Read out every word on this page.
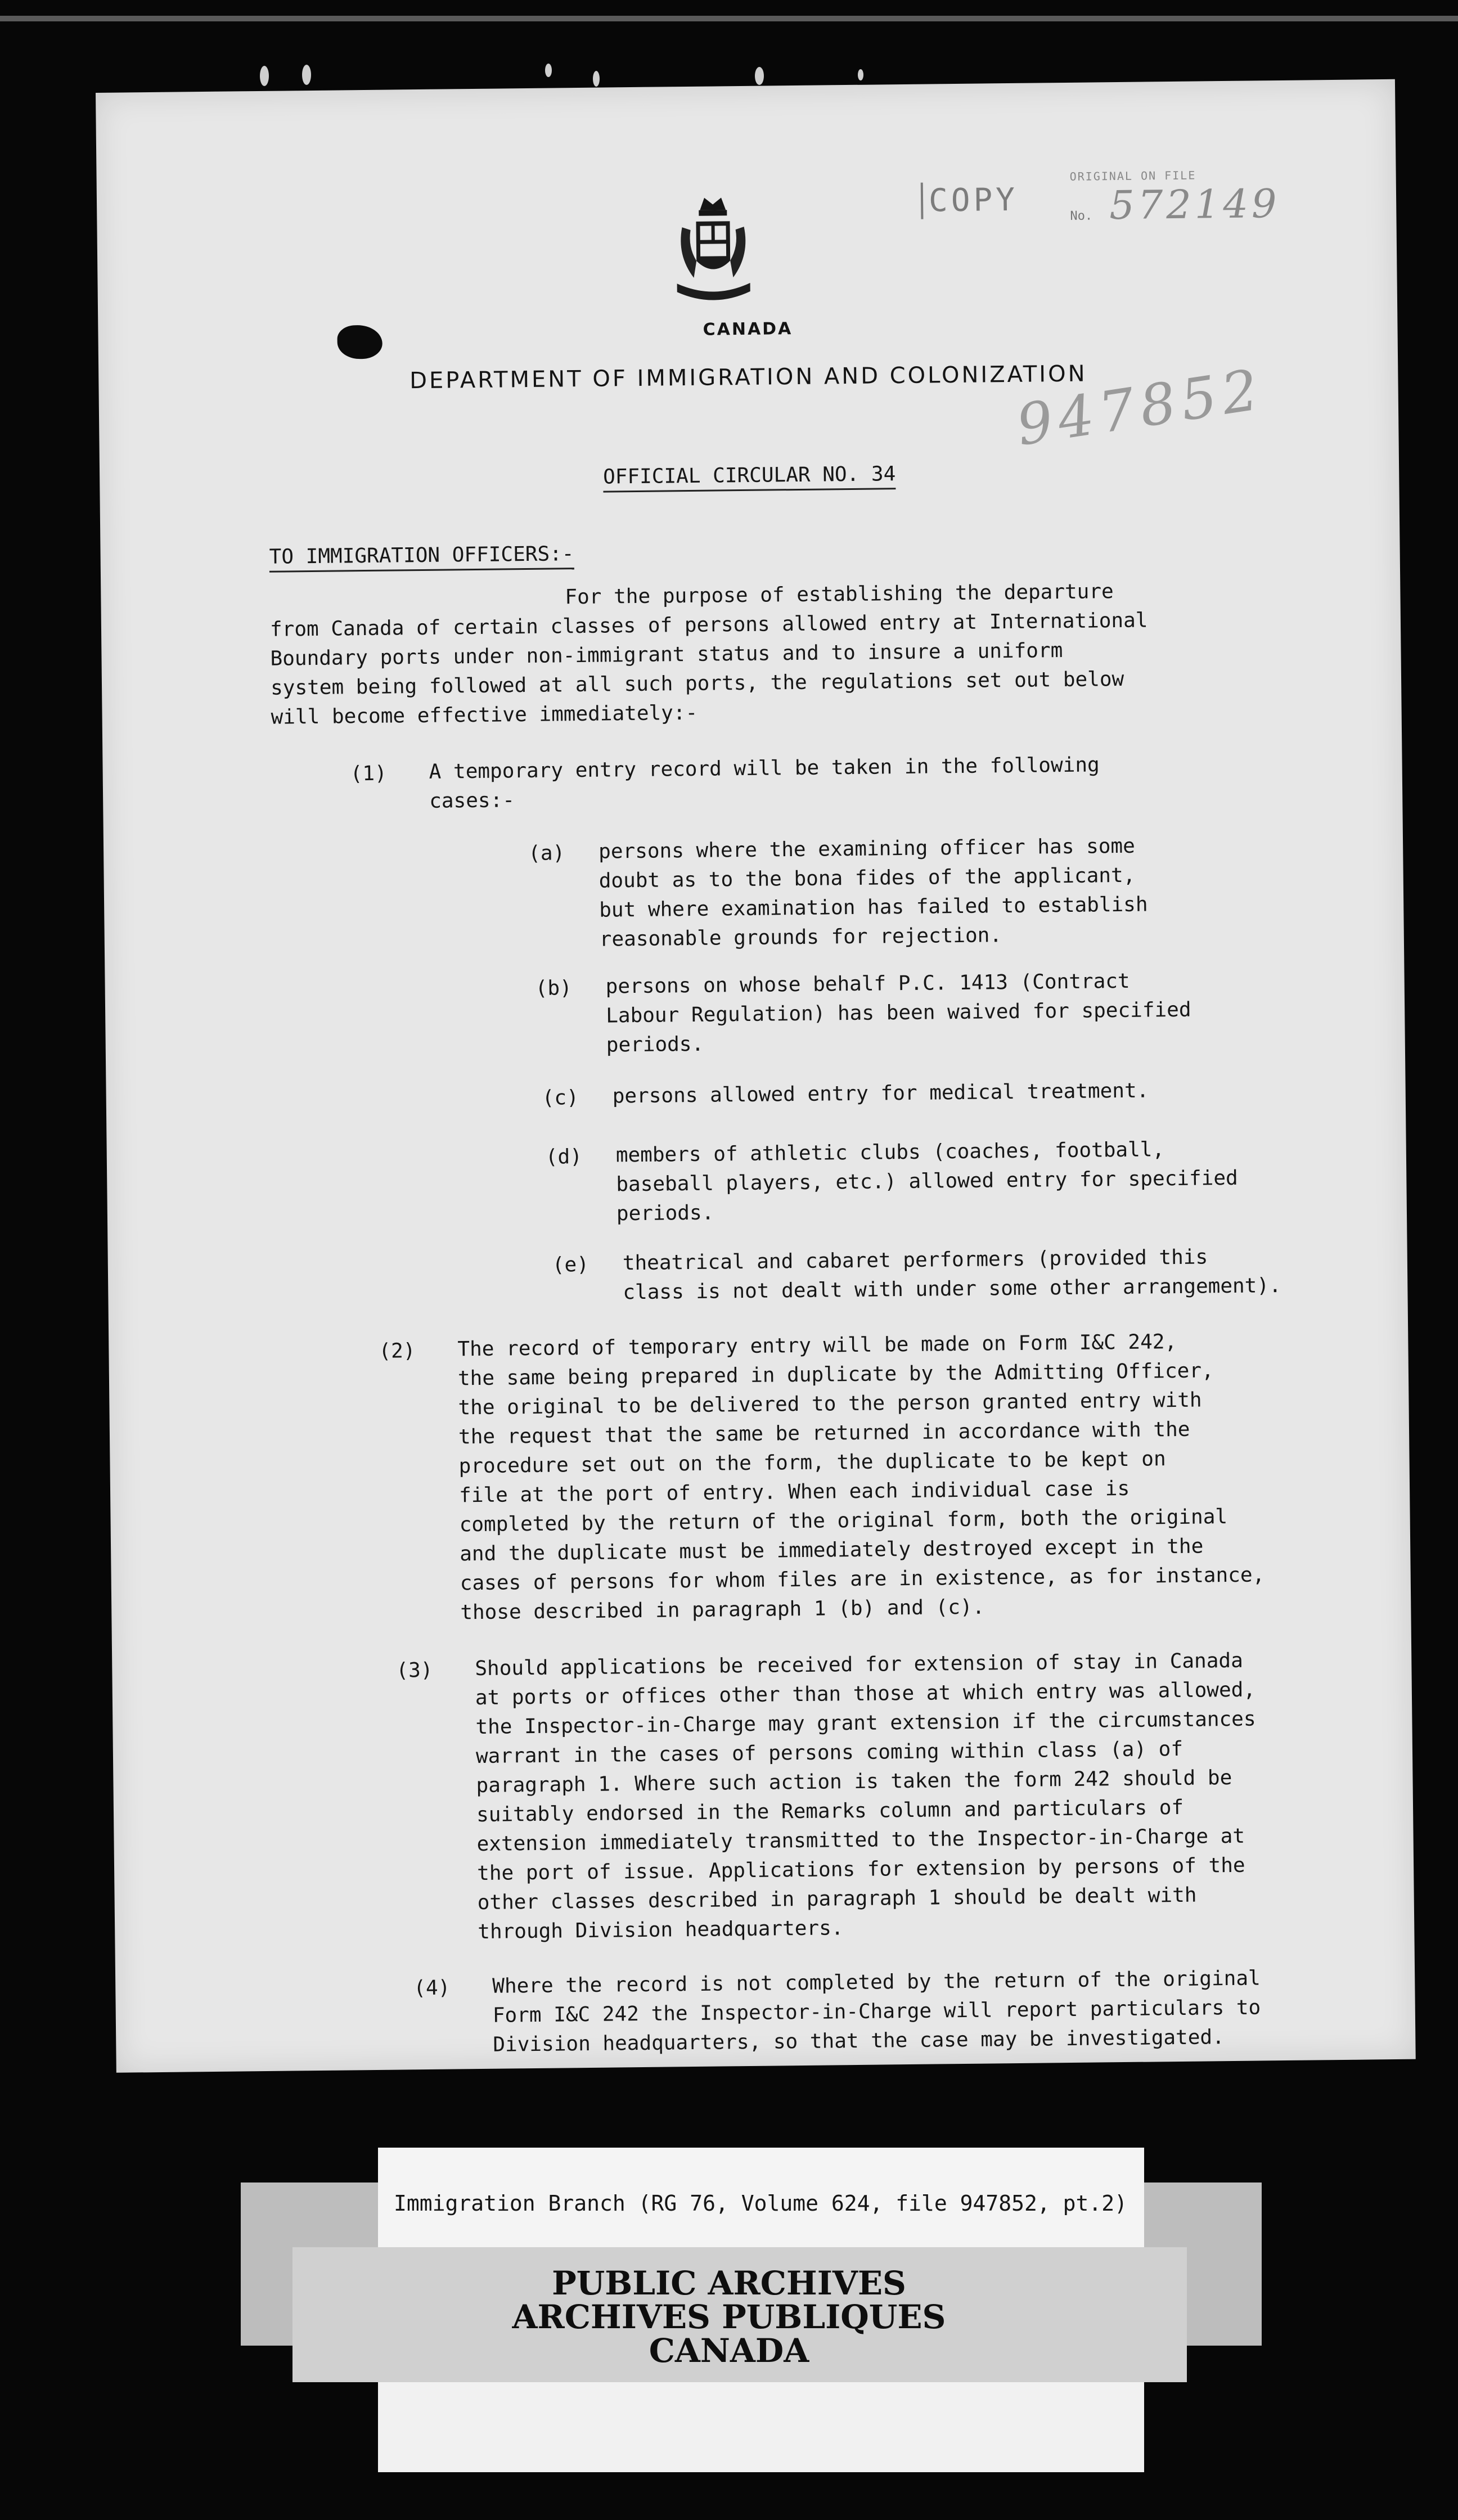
CANADA
DEPARTMENT OF IMMIGRATION AND COLONIZATION
COPY
ORIGINAL ON FILE
No. 572149
947852
OFFICIAL CIRCULAR NO. 34
TO IMMIGRATION OFFICERS:-
For the purpose of establishing the departure
from Canada of certain classes of persons allowed entry at International
Boundary ports under non-immigrant status and to insure a uniform
system being followed at all such ports, the regulations set out below
will become effective immediately:-
(1) A temporary entry record will be taken in the following
cases:-
(a) persons where the examining officer has some
doubt as to the bona fides of the applicant,
but where examination has failed to establish
reasonable grounds for rejection.
(b) persons on whose behalf P.C. 1413 (Contract
Labour Regulation) has been waived for specified
periods.
(c) persons allowed entry for medical treatment.
(d) members of athletic clubs (coaches, football,
baseball players, etc.) allowed entry for specified
periods.
(e) theatrical and cabaret performers (provided this
class is not dealt with under some other arrangement).
(2) The record of temporary entry will be made on Form I&C 242,
the same being prepared in duplicate by the Admitting Officer,
the original to be delivered to the person granted entry with
the request that the same be returned in accordance with the
procedure set out on the form, the duplicate to be kept on
file at the port of entry. When each individual case is
completed by the return of the original form, both the original
and the duplicate must be immediately destroyed except in the
cases of persons for whom files are in existence, as for instance,
those described in paragraph 1 (b) and (c).
(3) Should applications be received for extension of stay in Canada
at ports or offices other than those at which entry was allowed,
the Inspector-in-Charge may grant extension if the circumstances
warrant in the cases of persons coming within class (a) of
paragraph 1. Where such action is taken the form 242 should be
suitably endorsed in the Remarks column and particulars of
extension immediately transmitted to the Inspector-in-Charge at
the port of issue. Applications for extension by persons of the
other classes described in paragraph 1 should be dealt with
through Division headquarters.
(4) Where the record is not completed by the return of the original
Form I&C 242 the Inspector-in-Charge will report particulars to
Division headquarters, so that the case may be investigated.
Immigration Branch (RG 76, Volume 624, file 947852, pt.2)
PUBLIC ARCHIVES
ARCHIVES PUBLIQUES
CANADA
